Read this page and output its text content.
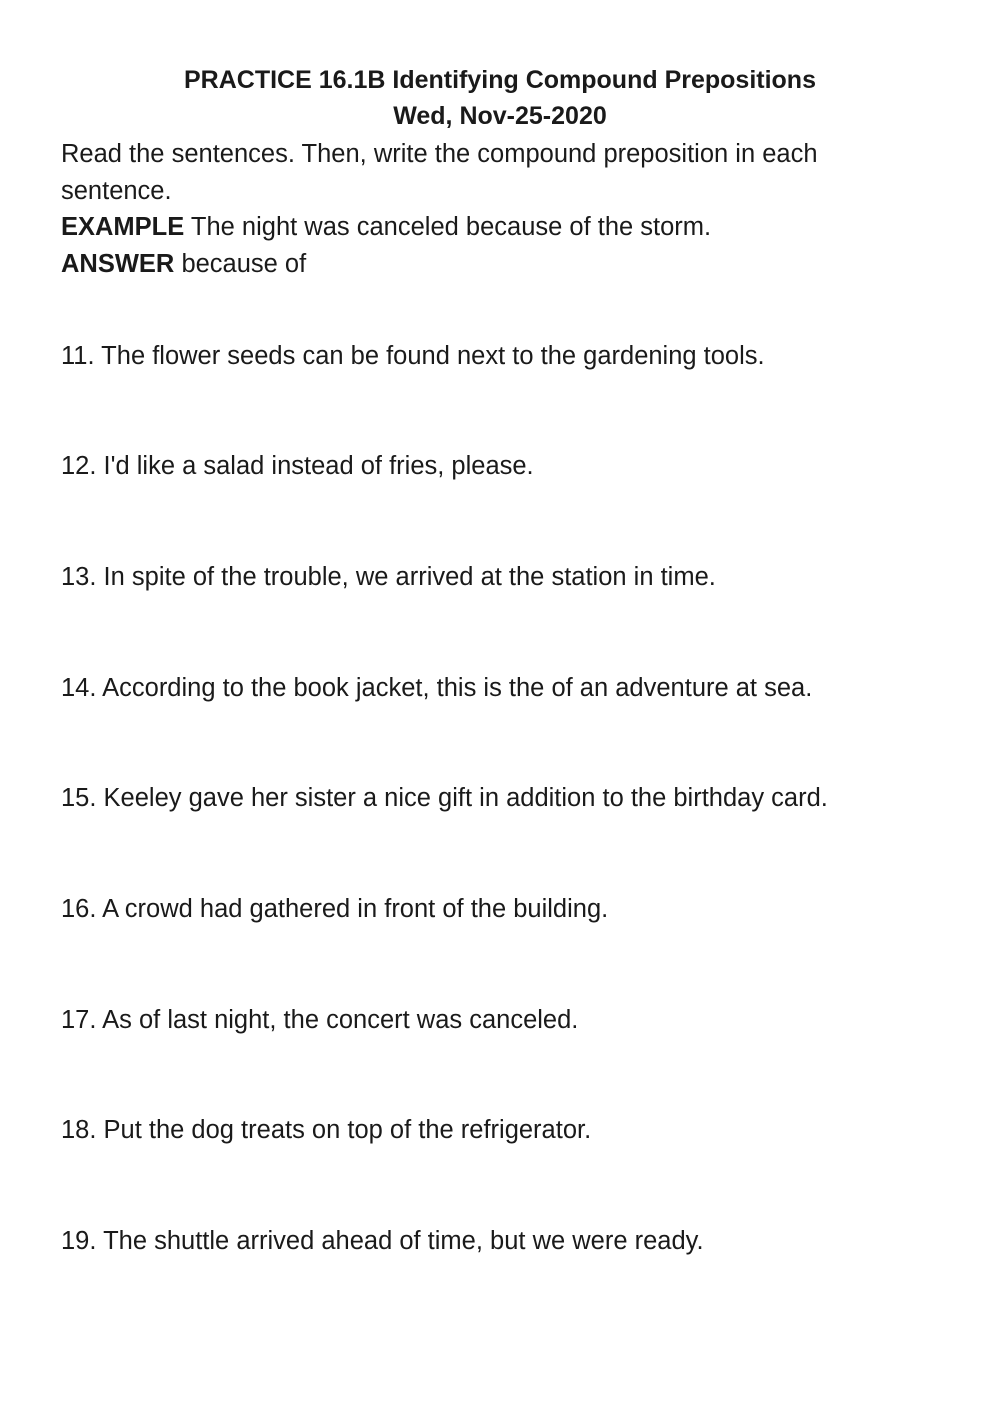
PRACTICE 16.1B Identifying Compound Prepositions
Wed, Nov-25-2020
Read the sentences. Then, write the compound preposition in each
sentence.
EXAMPLE The night was canceled because of the storm.
ANSWER because of
11. The flower seeds can be found next to the gardening tools.
12. I'd like a salad instead of fries, please.
13. In spite of the trouble, we arrived at the station in time.
14. According to the book jacket, this is the of an adventure at sea.
15. Keeley gave her sister a nice gift in addition to the birthday card.
16. A crowd had gathered in front of the building.
17. As of last night, the concert was canceled.
18. Put the dog treats on top of the refrigerator.
19. The shuttle arrived ahead of time, but we were ready.
